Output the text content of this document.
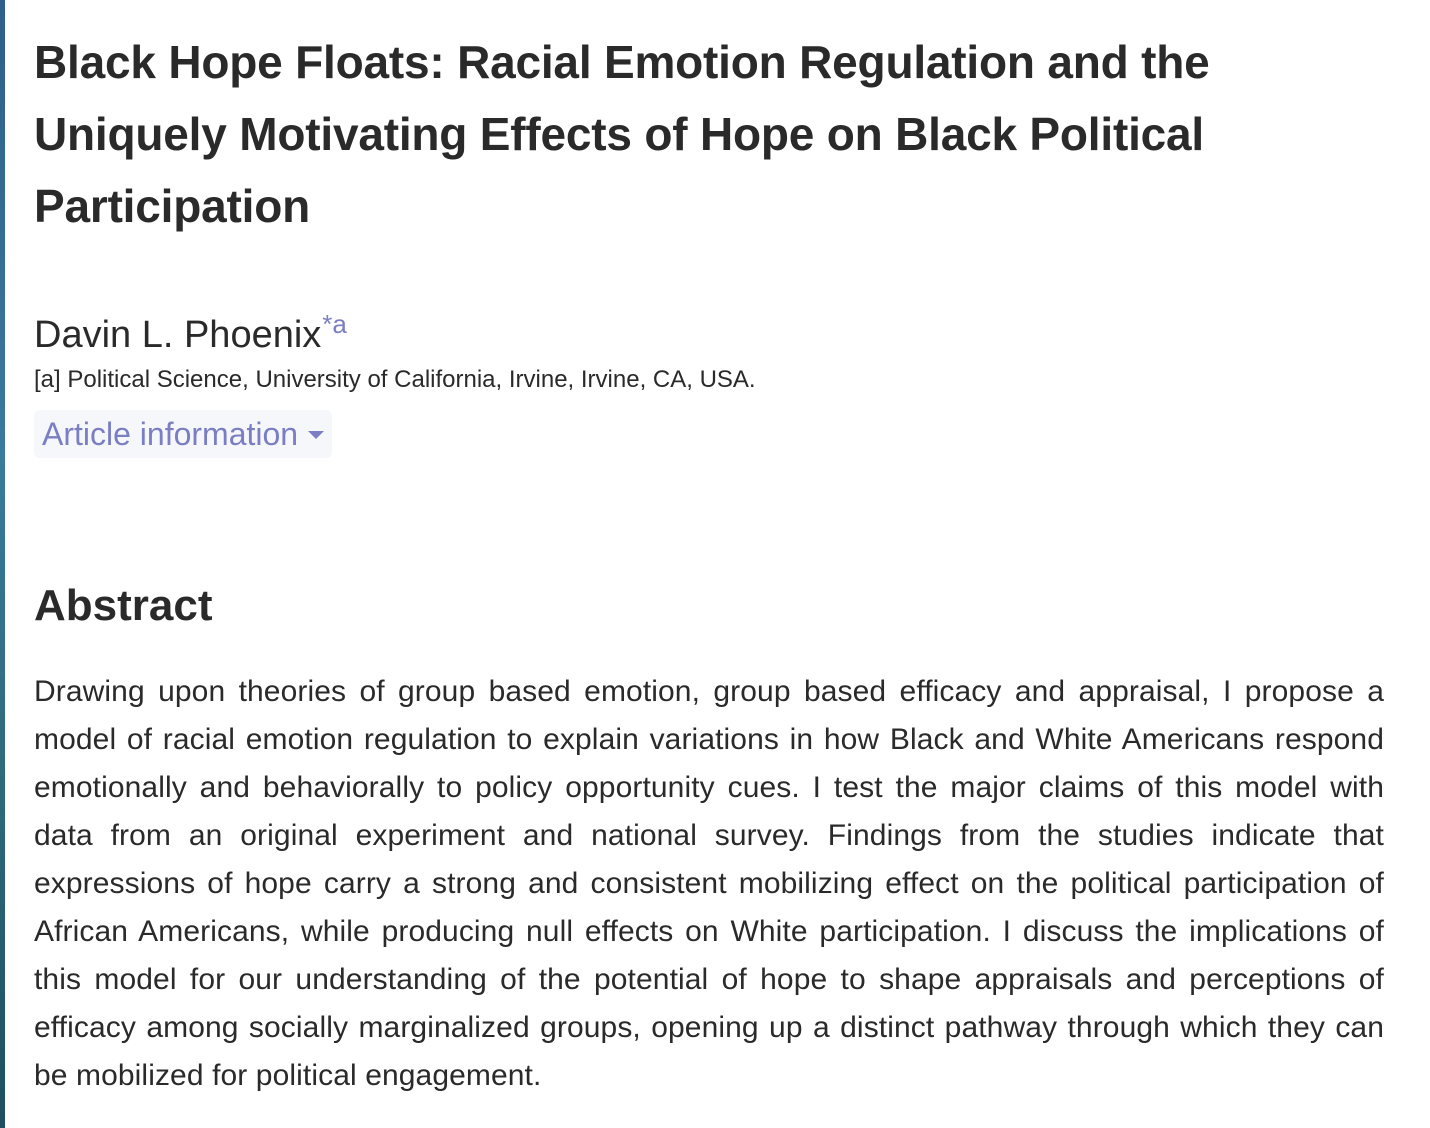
Black Hope Floats: Racial Emotion Regulation and the Uniquely Motivating Effects of Hope on Black Political Participation
Davin L. Phoenix$^{*a}$
[a] Political Science, University of California, Irvine, Irvine, CA, USA.
Article information
Abstract

Drawing upon theories of group based emotion, group based efficacy and appraisal, I propose a model of racial emotion regulation to explain variations in how Black and White Americans respond emotionally and behaviorally to policy opportunity cues. I test the major claims of this model with data from an original experiment and national survey. Findings from the studies indicate that expressions of hope carry a strong and consistent mobilizing effect on the political participation of African Americans, while producing null effects on White participation. I discuss the implications of this model for our understanding of the potential of hope to shape appraisals and perceptions of efficacy among socially marginalized groups, opening up a distinct pathway through which they can be mobilized for political engagement.
